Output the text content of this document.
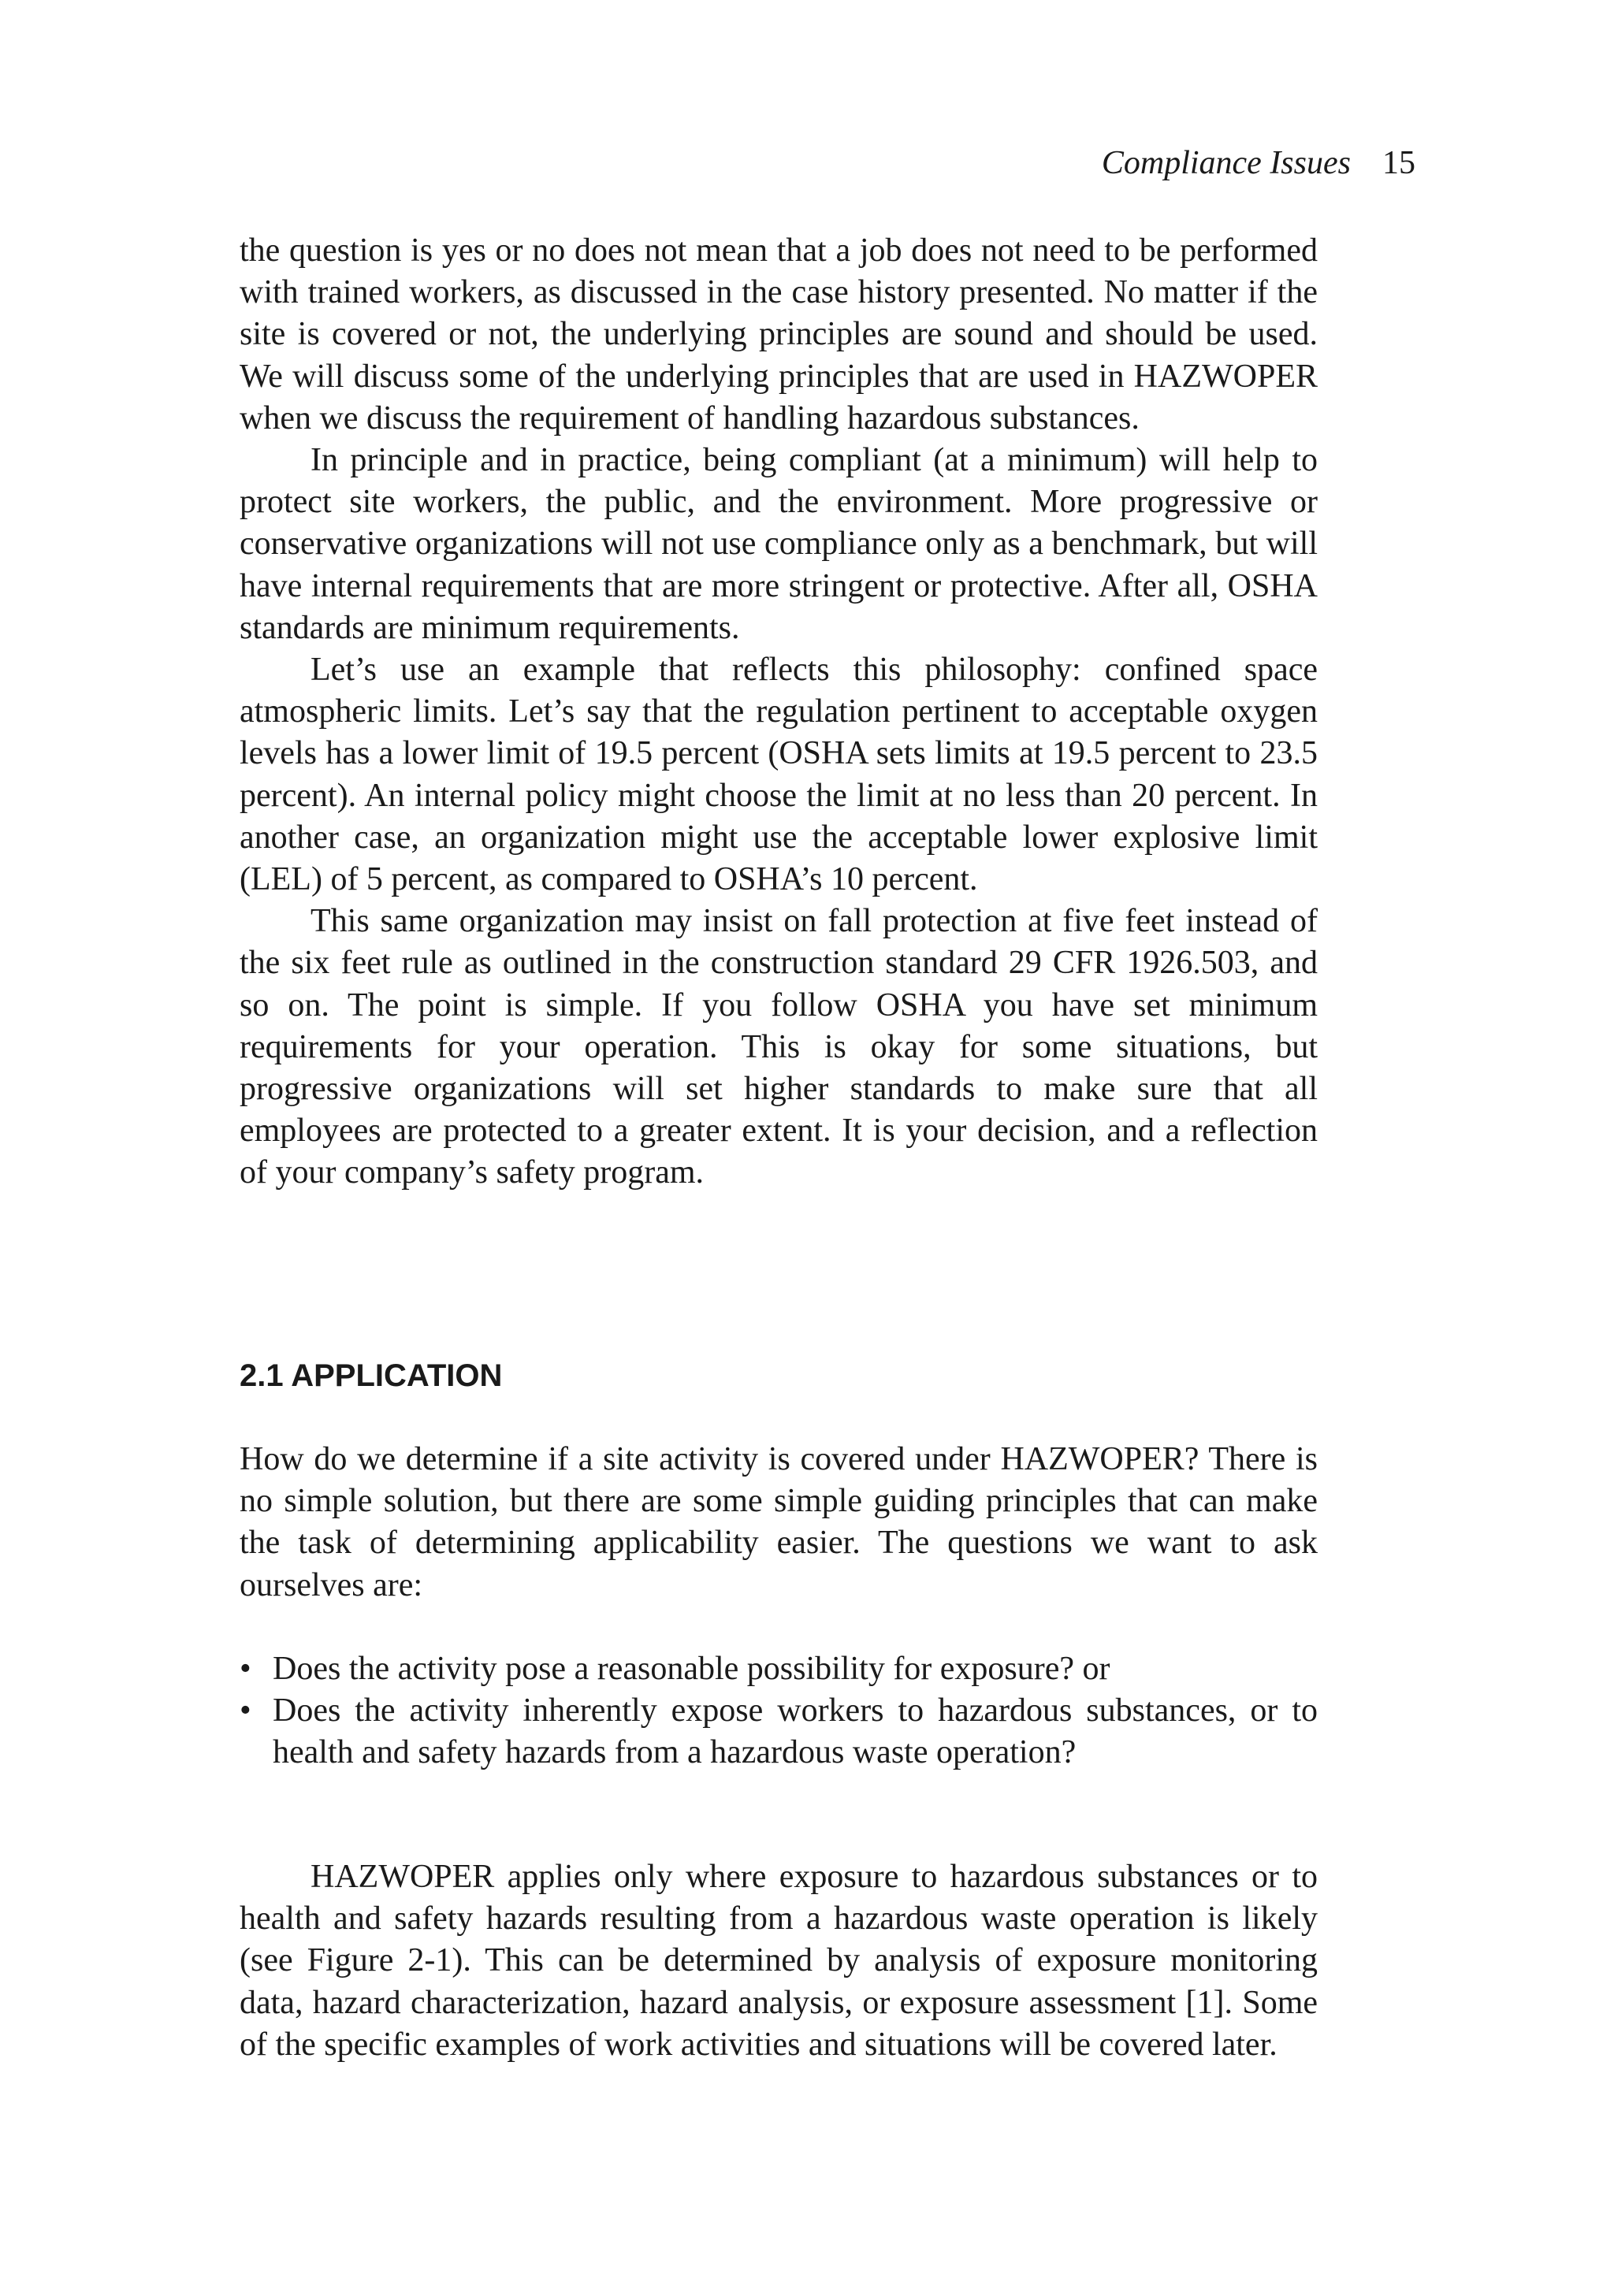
Compliance Issues 15

the question is yes or no does not mean that a job does not need to be performed with trained workers, as discussed in the case history presented. No matter if the site is covered or not, the underlying principles are sound and should be used. We will discuss some of the underlying principles that are used in HAZWOPER when we discuss the requirement of handling hazardous substances.

In principle and in practice, being compliant (at a minimum) will help to protect site workers, the public, and the environment. More progressive or conservative organizations will not use compliance only as a benchmark, but will have internal requirements that are more stringent or protective. After all, OSHA standards are minimum requirements.

Let’s use an example that reflects this philosophy: confined space atmospheric limits. Let’s say that the regulation pertinent to acceptable oxygen levels has a lower limit of 19.5 percent (OSHA sets limits at 19.5 percent to 23.5 percent). An internal policy might choose the limit at no less than 20 percent. In another case, an organization might use the acceptable lower explosive limit (LEL) of 5 percent, as compared to OSHA’s 10 percent.

This same organization may insist on fall protection at five feet instead of the six feet rule as outlined in the construction standard 29 CFR 1926.503, and so on. The point is simple. If you follow OSHA you have set minimum requirements for your operation. This is okay for some situations, but progressive organizations will set higher standards to make sure that all employees are protected to a greater extent. It is your decision, and a reflection of your company’s safety program.

2.1 APPLICATION

How do we determine if a site activity is covered under HAZWOPER? There is no simple solution, but there are some simple guiding principles that can make the task of determining applicability easier. The questions we want to ask ourselves are:

• Does the activity pose a reasonable possibility for exposure? or
• Does the activity inherently expose workers to hazardous substances, or to health and safety hazards from a hazardous waste operation?

HAZWOPER applies only where exposure to hazardous substances or to health and safety hazards resulting from a hazardous waste operation is likely (see Figure 2-1). This can be determined by analysis of exposure monitoring data, hazard characterization, hazard analysis, or exposure assessment [1]. Some of the specific examples of work activities and situations will be covered later.
